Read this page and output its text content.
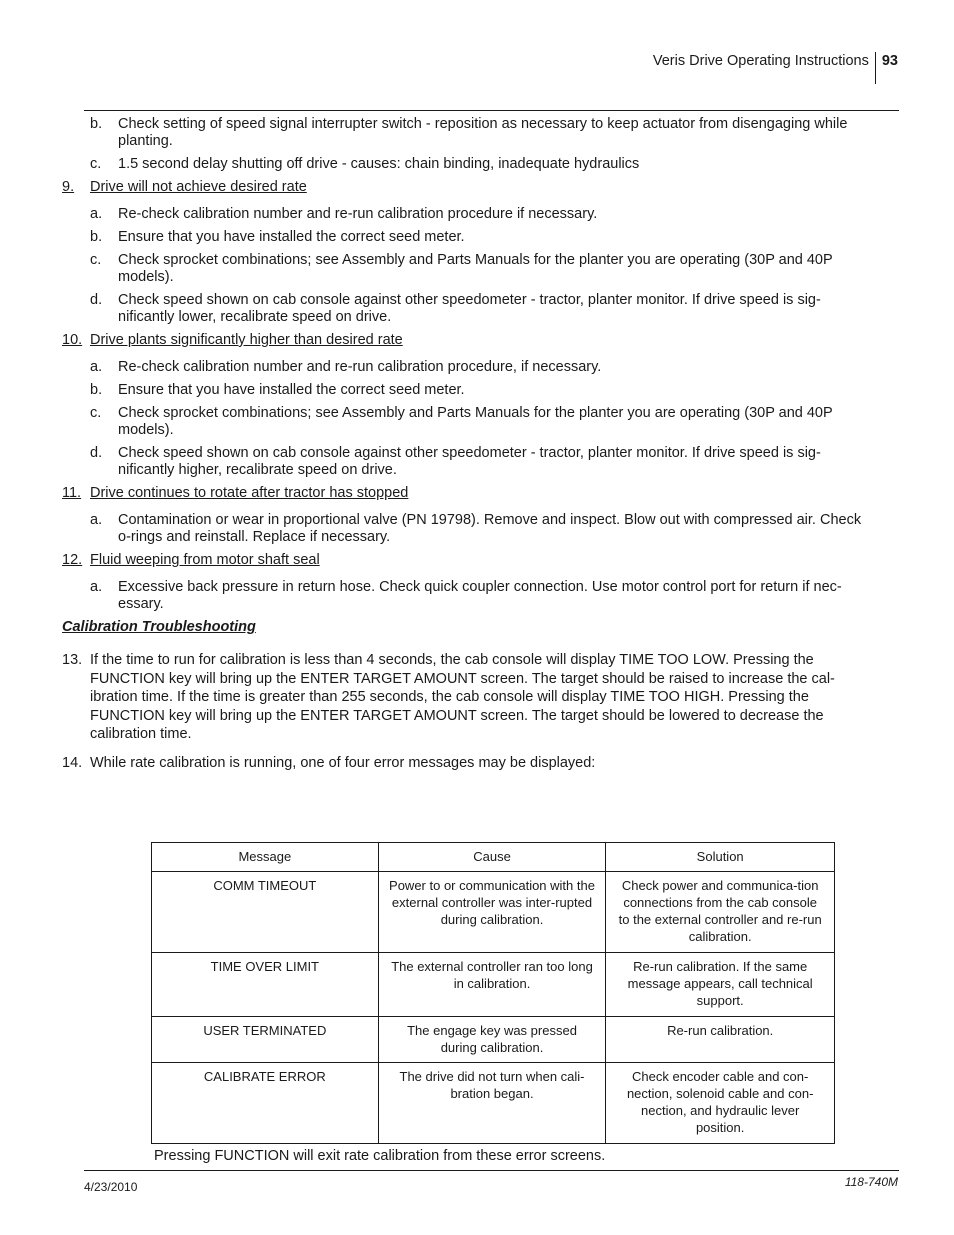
Veris Drive Operating Instructions 93
b.	Check setting of speed signal interrupter switch - reposition as necessary to keep actuator from disengaging while planting.
c.	1.5 second delay shutting off drive - causes: chain binding, inadequate hydraulics
9.	Drive will not achieve desired rate
a.	Re-check calibration number and re-run calibration procedure if necessary.
b.	Ensure that you have installed the correct seed meter.
c.	Check sprocket combinations; see Assembly and Parts Manuals for the planter you are operating (30P and 40P models).
d.	Check speed shown on cab console against other speedometer - tractor, planter monitor. If drive speed is sig-nificantly lower, recalibrate speed on drive.
10. Drive plants significantly higher than desired rate
a.	Re-check calibration number and re-run calibration procedure, if necessary.
b.	Ensure that you have installed the correct seed meter.
c.	Check sprocket combinations; see Assembly and Parts Manuals for the planter you are operating (30P and 40P models).
d.	Check speed shown on cab console against other speedometer - tractor, planter monitor. If drive speed is sig-nificantly higher, recalibrate speed on drive.
11. Drive continues to rotate after tractor has stopped
a.	Contamination or wear in proportional valve (PN 19798). Remove and inspect. Blow out with compressed air. Check o-rings and reinstall. Replace if necessary.
12. Fluid weeping from motor shaft seal
a.	Excessive back pressure in return hose. Check quick coupler connection. Use motor control port for return if nec-essary.
Calibration Troubleshooting
13. If the time to run for calibration is less than 4 seconds, the cab console will display TIME TOO LOW. Pressing the FUNCTION key will bring up the ENTER TARGET AMOUNT screen. The target should be raised to increase the cal-ibration time. If the time is greater than 255 seconds, the cab console will display TIME TOO HIGH. Pressing the FUNCTION key will bring up the ENTER TARGET AMOUNT screen. The target should be lowered to decrease the calibration time.
14. While rate calibration is running, one of four error messages may be displayed:
Message	Cause	Solution
COMM TIMEOUT	Power to or communication with the external controller was inter-rupted during calibration.	Check power and communica-tion connections from the cab console to the external controller and re-run calibration.
TIME OVER LIMIT	The external controller ran too long in calibration.	Re-run calibration. If the same message appears, call technical support.
USER TERMINATED	The engage key was pressed during calibration.	Re-run calibration.
CALIBRATE ERROR	The drive did not turn when cali-bration began.	Check encoder cable and con-nection, solenoid cable and con-nection, and hydraulic lever position.
Pressing FUNCTION will exit rate calibration from these error screens.
4/23/2010	118-740M
